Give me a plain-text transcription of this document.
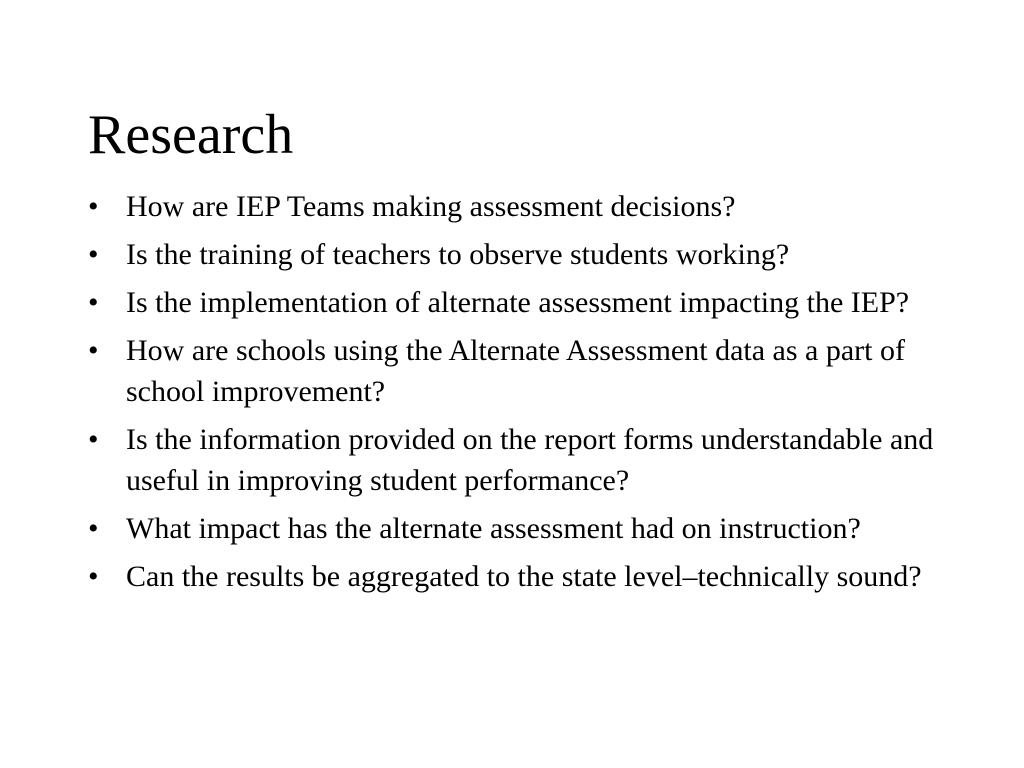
Research
• How are IEP Teams making assessment decisions?
• Is the training of teachers to observe students working?
• Is the implementation of alternate assessment impacting the IEP?
• How are schools using the Alternate Assessment data as a part of school improvement?
• Is the information provided on the report forms understandable and useful in improving student performance?
• What impact has the alternate assessment had on instruction?
• Can the results be aggregated to the state level–technically sound?
